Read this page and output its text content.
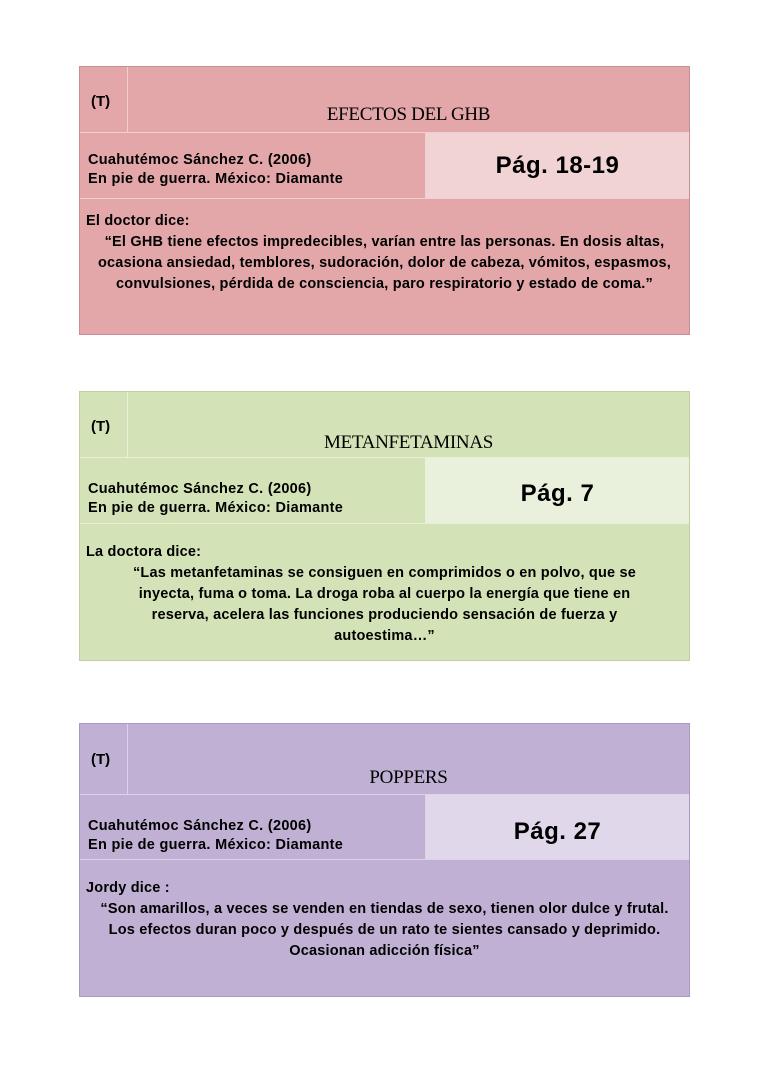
(T)
EFECTOS DEL GHB
Cuahutémoc Sánchez C. (2006)
En pie de guerra. México: Diamante	Pág. 18-19
El doctor dice:
“El GHB tiene efectos impredecibles, varían entre las personas. En dosis altas, ocasiona ansiedad, temblores, sudoración, dolor de cabeza, vómitos, espasmos, convulsiones, pérdida de consciencia, paro respiratorio y estado de coma.”
(T)
METANFETAMINAS
Cuahutémoc Sánchez C. (2006)
En pie de guerra. México: Diamante
Pág. 7
La doctora dice:
“Las metanfetaminas se consiguen en comprimidos o en polvo, que se inyecta, fuma o toma. La droga roba al cuerpo la energía que tiene en reserva, acelera las funciones produciendo sensación de fuerza y autoestima…”
(T)
POPPERS
Cuahutémoc Sánchez C. (2006)
En pie de guerra. México: Diamante	Pág. 27
Jordy dice :
“Son amarillos, a veces se venden en tiendas de sexo, tienen olor dulce y frutal. Los efectos duran poco y después de un rato te sientes cansado y deprimido. Ocasionan adicción física”
